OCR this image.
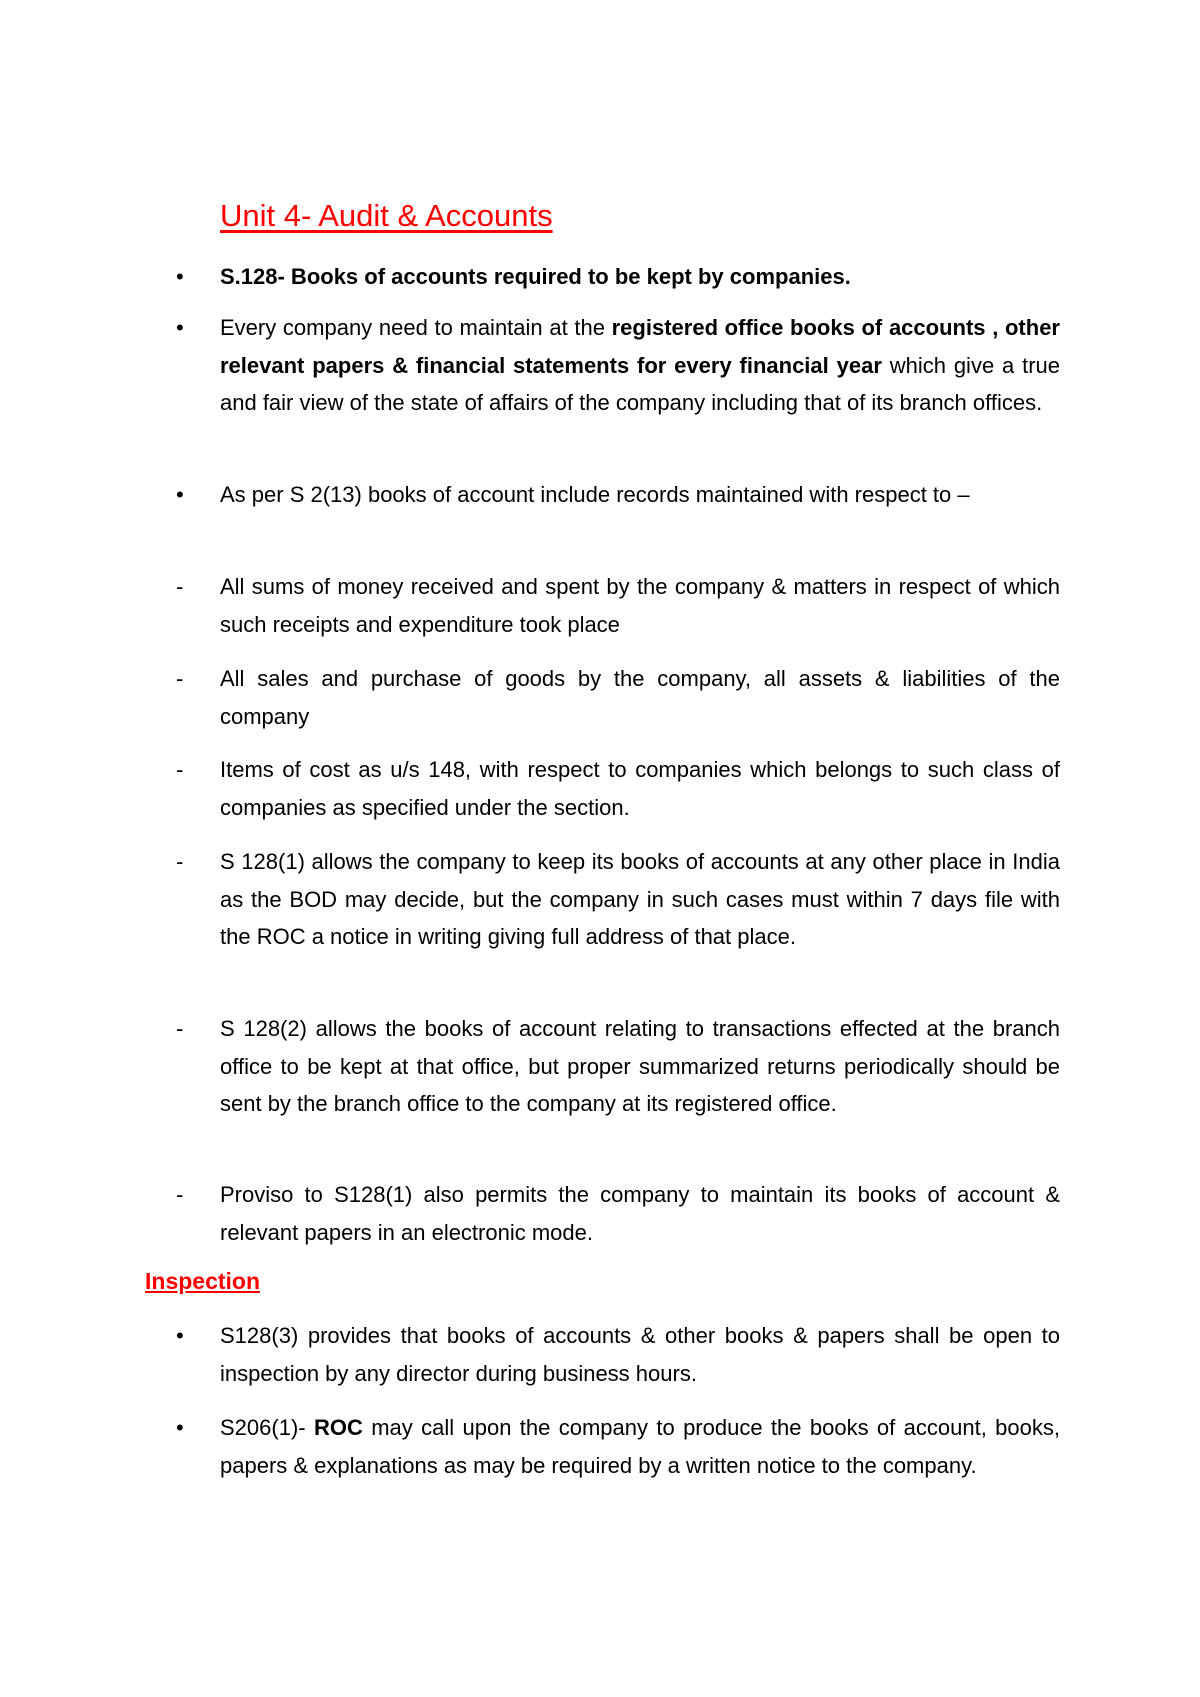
Unit 4- Audit & Accounts
•	S.128- Books of accounts required to be kept by companies.
•	Every company need to maintain at the registered office books of accounts , other relevant papers & financial statements for every financial year which give a true and fair view of the state of affairs of the company including that of its branch offices.
•	As per S 2(13) books of account include records maintained with respect to –
-	All sums of money received and spent by the company & matters in respect of which such receipts and expenditure took place
-	All sales and purchase of goods by the company, all assets & liabilities of the company
-	Items of cost as u/s 148, with respect to companies which belongs to such class of companies as specified under the section.
-	S 128(1) allows the company to keep its books of accounts at any other place in India as the BOD may decide, but the company in such cases must within 7 days file with the ROC a notice in writing giving full address of that place.
-	S 128(2) allows the books of account relating to transactions effected at the branch office to be kept at that office, but proper summarized returns periodically should be sent by the branch office to the company at its registered office.
-	Proviso to S128(1) also permits the company to maintain its books of account & relevant papers in an electronic mode.
Inspection
•	S128(3) provides that books of accounts & other books & papers shall be open to inspection by any director during business hours.
•	S206(1)- ROC may call upon the company to produce the books of account, books, papers & explanations as may be required by a written notice to the company.
